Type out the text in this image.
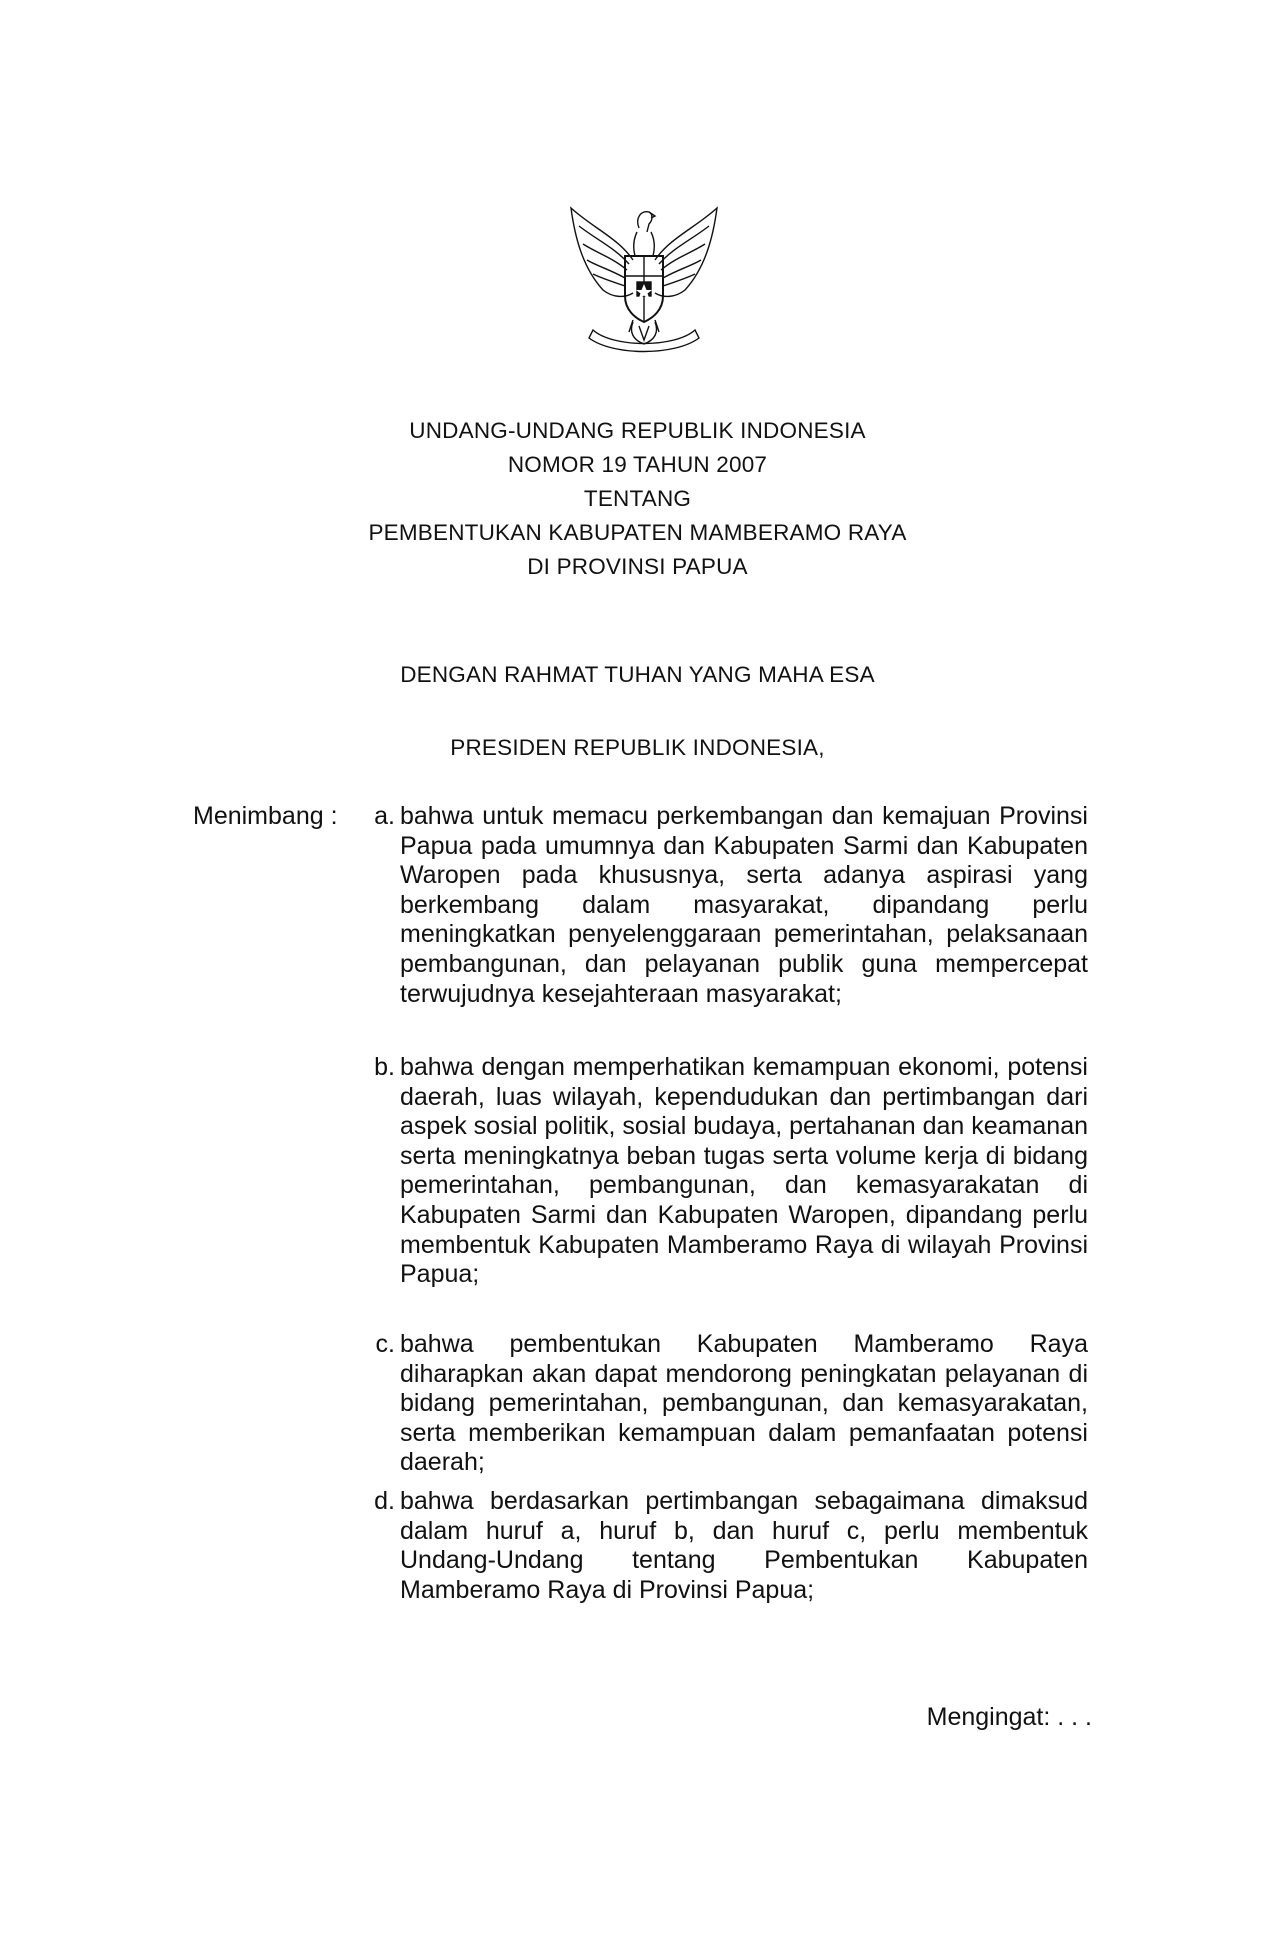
UNDANG-UNDANG REPUBLIK INDONESIA
NOMOR 19 TAHUN 2007
TENTANG
PEMBENTUKAN KABUPATEN MAMBERAMO RAYA
DI PROVINSI PAPUA
DENGAN RAHMAT TUHAN YANG MAHA ESA
PRESIDEN REPUBLIK INDONESIA,
Menimbang :	a. bahwa untuk memacu perkembangan dan kemajuan Provinsi Papua pada umumnya dan Kabupaten Sarmi dan Kabupaten Waropen pada khususnya, serta adanya aspirasi yang berkembang dalam masyarakat, dipandang perlu meningkatkan penyelenggaraan pemerintahan, pelaksanaan pembangunan, dan pelayanan publik guna mempercepat terwujudnya kesejahteraan masyarakat;
b. bahwa dengan memperhatikan kemampuan ekonomi, potensi daerah, luas wilayah, kependudukan dan pertimbangan dari aspek sosial politik, sosial budaya, pertahanan dan keamanan serta meningkatnya beban tugas serta volume kerja di bidang pemerintahan, pembangunan, dan kemasyarakatan di Kabupaten Sarmi dan Kabupaten Waropen, dipandang perlu membentuk Kabupaten Mamberamo Raya di wilayah Provinsi Papua;
c. bahwa pembentukan Kabupaten Mamberamo Raya diharapkan akan dapat mendorong peningkatan pelayanan di bidang pemerintahan, pembangunan, dan kemasyarakatan, serta memberikan kemampuan dalam pemanfaatan potensi daerah;
d. bahwa berdasarkan pertimbangan sebagaimana dimaksud dalam huruf a, huruf b, dan huruf c, perlu membentuk Undang-Undang tentang Pembentukan Kabupaten Mamberamo Raya di Provinsi Papua;
Mengingat: . . .
